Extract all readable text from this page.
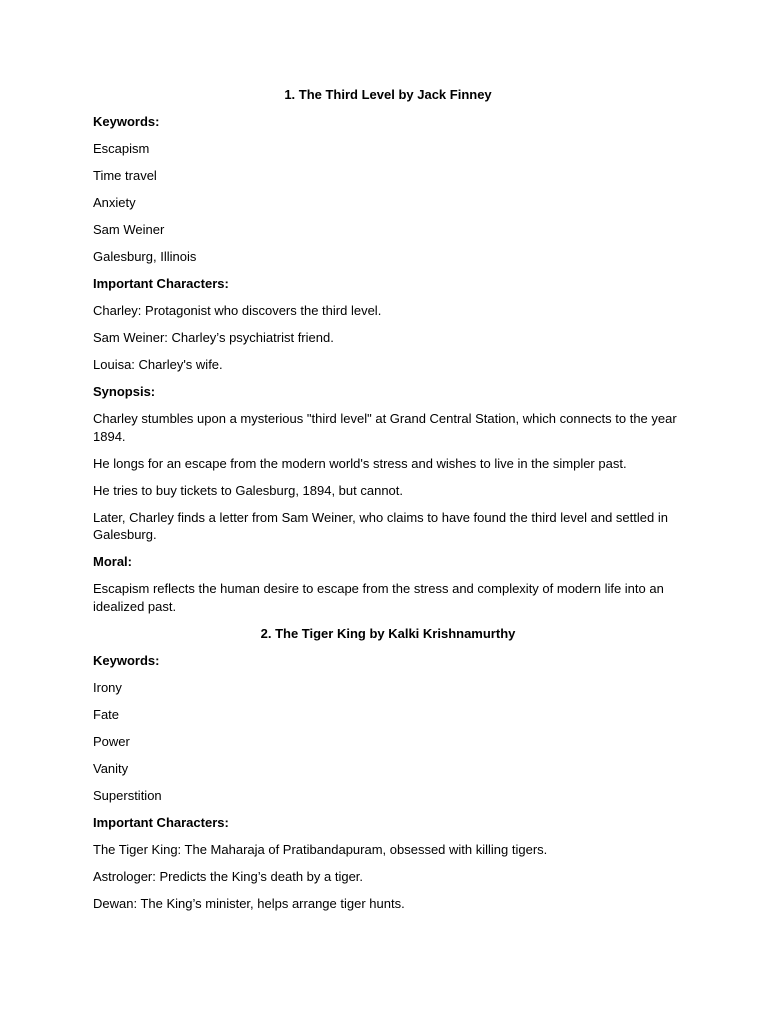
1. The Third Level by Jack Finney
Keywords:
Escapism
Time travel
Anxiety
Sam Weiner
Galesburg, Illinois
Important Characters:
Charley: Protagonist who discovers the third level.
Sam Weiner: Charley’s psychiatrist friend.
Louisa: Charley's wife.
Synopsis:
Charley stumbles upon a mysterious "third level" at Grand Central Station, which connects to the year 1894.
He longs for an escape from the modern world's stress and wishes to live in the simpler past.
He tries to buy tickets to Galesburg, 1894, but cannot.
Later, Charley finds a letter from Sam Weiner, who claims to have found the third level and settled in Galesburg.
Moral:
Escapism reflects the human desire to escape from the stress and complexity of modern life into an idealized past.
2. The Tiger King by Kalki Krishnamurthy
Keywords:
Irony
Fate
Power
Vanity
Superstition
Important Characters:
The Tiger King: The Maharaja of Pratibandapuram, obsessed with killing tigers.
Astrologer: Predicts the King’s death by a tiger.
Dewan: The King’s minister, helps arrange tiger hunts.
